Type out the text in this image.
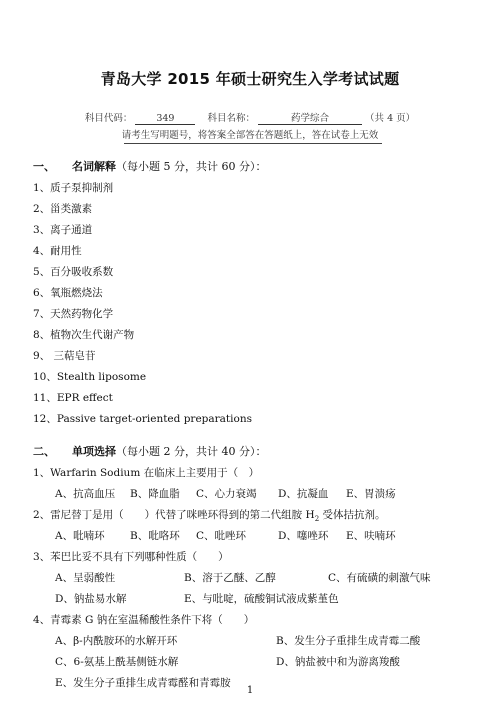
青岛大学 2015 年硕士研究生入学考试试题
科目代码：	349	科目名称：	药学综合	（共 4 页）
请考生写明题号，将答案全部答在答题纸上，答在试卷上无效
一、 名词解释（每小题 5 分，共计 60 分）：
1、质子泵抑制剂
2、甾类激素
3、离子通道
4、耐用性
5、百分吸收系数
6、氧瓶燃烧法
7、天然药物化学
8、植物次生代谢产物
9、 三萜皂苷
10、Stealth liposome
11、EPR effect
12、Passive target-oriented preparations
二、 单项选择（每小题 2 分，共计 40 分）：
1、Warfarin Sodium 在临床上主要用于（　）
A、抗高血压 B、降血脂 C、心力衰竭 D、抗凝血 E、胃溃疡
2、雷尼替丁是用（　　）代替了咪唑环得到的第二代组胺 $H_2$ 受体拮抗剂。
A、吡喃环 B、吡咯环 C、吡唑环	D、噻唑环 E、呋喃环
3、苯巴比妥不具有下列哪种性质（　　）
A、呈弱酸性	B、溶于乙醚、乙醇	C、有硫磺的刺激气味
D、钠盐易水解	E、与吡啶，硫酸铜试液成紫堇色
4、青霉素 G 钠在室温稀酸性条件下将（　　）
A、β-内酰胺环的水解开环	B、发生分子重排生成青霉二酸
C、6-氨基上酰基侧链水解	D、钠盐被中和为游离羧酸
E、发生分子重排生成青霉醛和青霉胺
1
